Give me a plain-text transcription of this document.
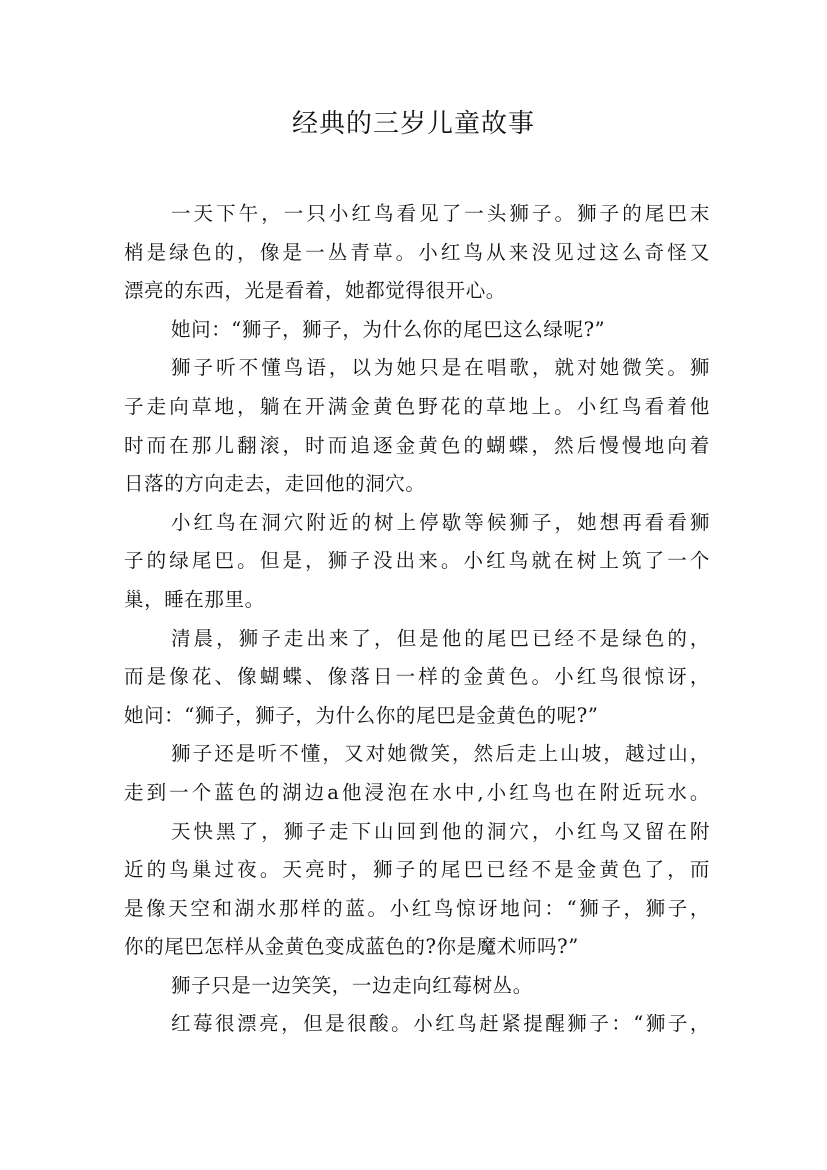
经典的三岁儿童故事
一天下午，一只小红鸟看见了一头狮子。狮子的尾巴末
梢是绿色的，像是一丛青草。小红鸟从来没见过这么奇怪又
漂亮的东西，光是看着，她都觉得很开心。
她问：“狮子，狮子，为什么你的尾巴这么绿呢?”
狮子听不懂鸟语，以为她只是在唱歌，就对她微笑。狮
子走向草地，躺在开满金黄色野花的草地上。小红鸟看着他
时而在那儿翻滚，时而追逐金黄色的蝴蝶，然后慢慢地向着
日落的方向走去，走回他的洞穴。
小红鸟在洞穴附近的树上停歇等候狮子，她想再看看狮
子的绿尾巴。但是，狮子没出来。小红鸟就在树上筑了一个
巢，睡在那里。
清晨，狮子走出来了，但是他的尾巴已经不是绿色的，
而是像花、像蝴蝶、像落日一样的金黄色。小红鸟很惊讶，
她问：“狮子，狮子，为什么你的尾巴是金黄色的呢?”
狮子还是听不懂，又对她微笑，然后走上山坡，越过山，
走到一个蓝色的湖边a他浸泡在水中,小红鸟也在附近玩水。
天快黑了，狮子走下山回到他的洞穴，小红鸟又留在附
近的鸟巢过夜。天亮时，狮子的尾巴已经不是金黄色了，而
是像天空和湖水那样的蓝。小红鸟惊讶地问：“狮子，狮子，
你的尾巴怎样从金黄色变成蓝色的?你是魔术师吗?”
狮子只是一边笑笑，一边走向红莓树丛。
红莓很漂亮，但是很酸。小红鸟赶紧提醒狮子：“狮子，
